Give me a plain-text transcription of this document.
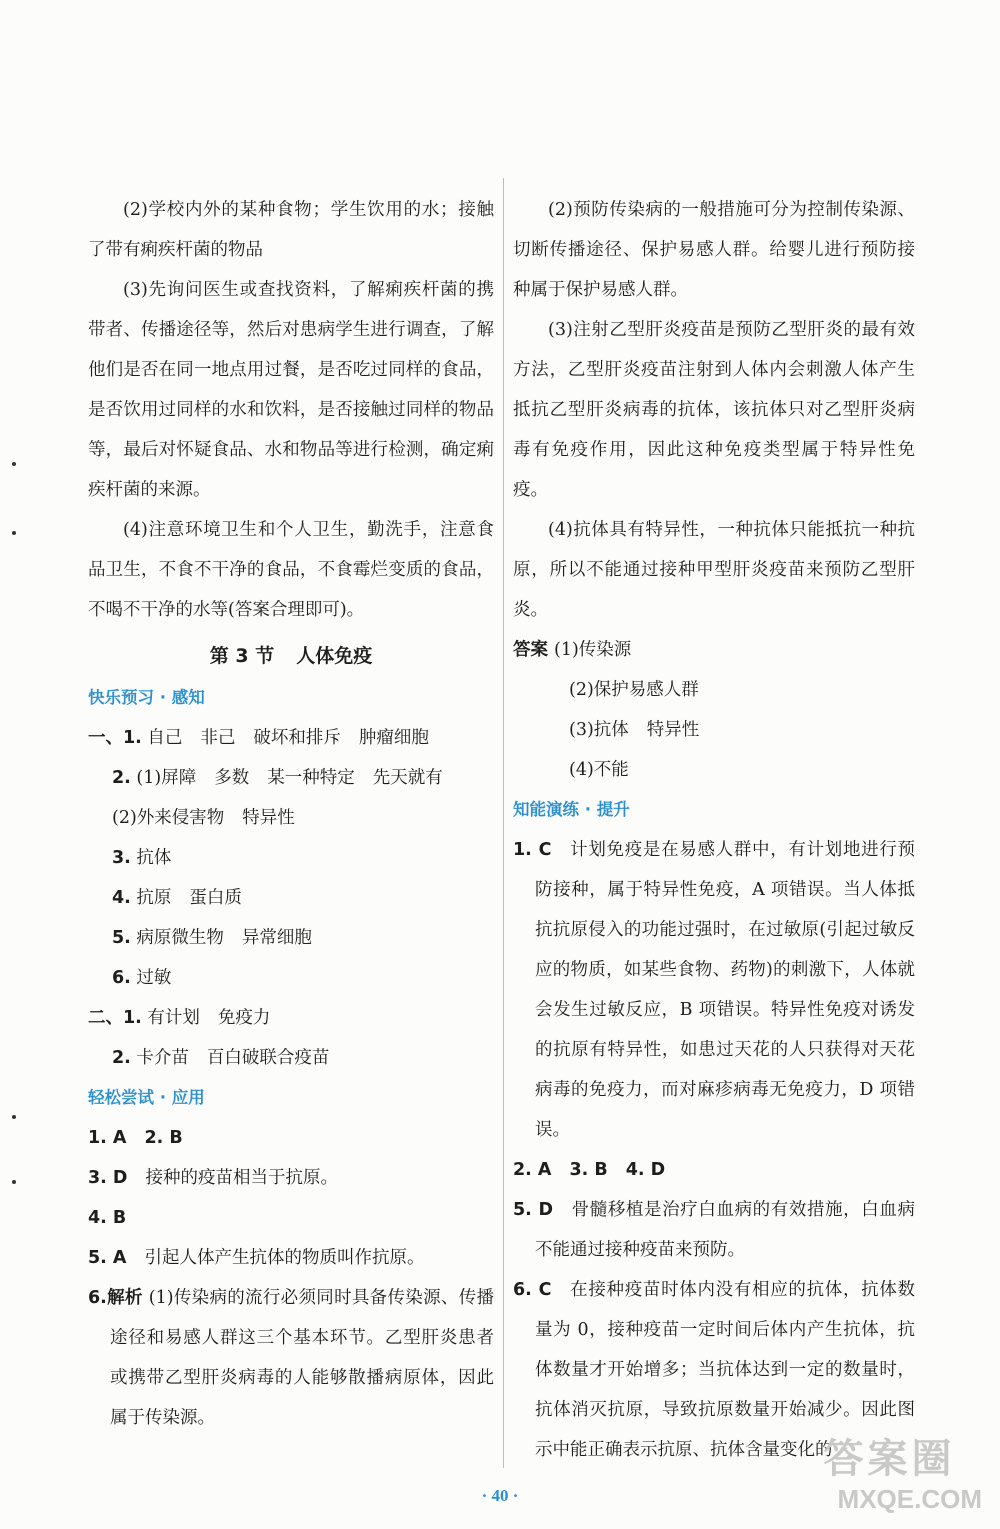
(2)学校内外的某种食物；学生饮用的水；接触了带有痢疾杆菌的物品

(3)先询问医生或查找资料，了解痢疾杆菌的携带者、传播途径等，然后对患病学生进行调查，了解他们是否在同一地点用过餐，是否吃过同样的食品，是否饮用过同样的水和饮料，是否接触过同样的物品等，最后对怀疑食品、水和物品等进行检测，确定痢疾杆菌的来源。

(4)注意环境卫生和个人卫生，勤洗手，注意食品卫生，不食不干净的食品，不食霉烂变质的食品，不喝不干净的水等(答案合理即可)。

第 3 节 人体免疫
快乐预习 · 感知

一、1. 自己 非己 破坏和排斥 肿瘤细胞

2. (1)屏障 多数 某一种特定 先天就有

(2)外来侵害物 特异性

3. 抗体

4. 抗原 蛋白质

5. 病原微生物 异常细胞

6. 过敏

二、1. 有计划 免疫力

2. 卡介苗 百白破联合疫苗

轻松尝试 · 应用

1. A 2. B

3. D 接种的疫苗相当于抗原。

4. B

5. A 引起人体产生抗体的物质叫作抗原。

6.解析 (1)传染病的流行必须同时具备传染源、传播途径和易感人群这三个基本环节。乙型肝炎患者或携带乙型肝炎病毒的人能够散播病原体，因此属于传染源。

(2)预防传染病的一般措施可分为控制传染源、切断传播途径、保护易感人群。给婴儿进行预防接种属于保护易感人群。

(3)注射乙型肝炎疫苗是预防乙型肝炎的最有效方法，乙型肝炎疫苗注射到人体内会刺激人体产生抵抗乙型肝炎病毒的抗体，该抗体只对乙型肝炎病毒有免疫作用，因此这种免疫类型属于特异性免疫。

(4)抗体具有特异性，一种抗体只能抵抗一种抗原，所以不能通过接种甲型肝炎疫苗来预防乙型肝炎。

答案 (1)传染源

(2)保护易感人群

(3)抗体 特异性

(4)不能

知能演练 · 提升

1. C 计划免疫是在易感人群中，有计划地进行预防接种，属于特异性免疫，A 项错误。当人体抵抗抗原侵入的功能过强时，在过敏原(引起过敏反应的物质，如某些食物、药物)的刺激下，人体就会发生过敏反应，B 项错误。特异性免疫对诱发的抗原有特异性，如患过天花的人只获得对天花病毒的免疫力，而对麻疹病毒无免疫力，D 项错误。

2. A 3. B 4. D

5. D 骨髓移植是治疗白血病的有效措施，白血病不能通过接种疫苗来预防。

6. C 在接种疫苗时体内没有相应的抗体，抗体数量为 0，接种疫苗一定时间后体内产生抗体，抗体数量才开始增多；当抗体达到一定的数量时，抗体消灭抗原，导致抗原数量开始减少。因此图示中能正确表示抗原、抗体含量变化的

· 40 ·
答案圈
MXQE.COM
